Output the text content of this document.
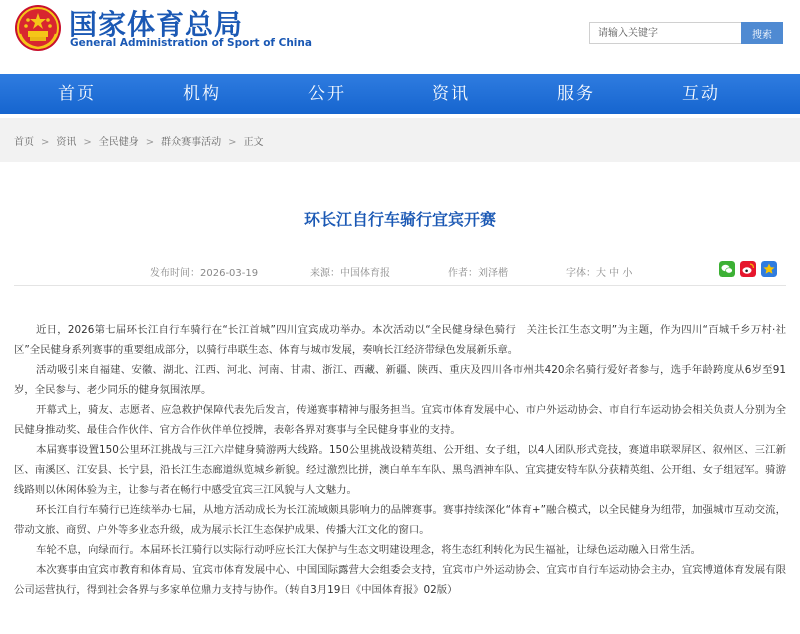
国家体育总局
General Administration of Sport of China
请输入关键字
搜索
首页	机构	公开	资讯	服务	互动
首页 > 资讯 > 全民健身 > 群众赛事活动 > 正文
环长江自行车骑行宜宾开赛
发布时间：2026-03-19	来源：中国体育报	作者：刘泽楷	字体：大 中 小

近日，2026第七届环长江自行车骑行在“长江首城”四川宜宾成功举办。本次活动以“全民健身绿色骑行　关注长江生态文明”为主题，作为四川“百城千乡万村·社区”全民健身系列赛事的重要组成部分，以骑行串联生态、体育与城市发展，奏响长江经济带绿色发展新乐章。

活动吸引来自福建、安徽、湖北、江西、河北、河南、甘肃、浙江、西藏、新疆、陕西、重庆及四川各市州共420余名骑行爱好者参与，选手年龄跨度从6岁至91岁，全民参与、老少同乐的健身氛围浓厚。

开幕式上，骑友、志愿者、应急救护保障代表先后发言，传递赛事精神与服务担当。宜宾市体育发展中心、市户外运动协会、市自行车运动协会相关负责人分别为全民健身推动奖、最佳合作伙伴、官方合作伙伴单位授牌，表彰各界对赛事与全民健身事业的支持。

本届赛事设置150公里环江挑战与三江六岸健身骑游两大线路。150公里挑战设精英组、公开组、女子组，以4人团队形式竞技，赛道串联翠屏区、叙州区、三江新区、南溪区、江安县、长宁县，沿长江生态廊道纵览城乡新貌。经过激烈比拼，澳白单车车队、黑鸟酒神车队、宜宾捷安特车队分获精英组、公开组、女子组冠军。骑游线路则以休闲体验为主，让参与者在畅行中感受宜宾三江风貌与人文魅力。

环长江自行车骑行已连续举办七届，从地方活动成长为长江流域颇具影响力的品牌赛事。赛事持续深化“体育+”融合模式，以全民健身为纽带，加强城市互动交流，带动文旅、商贸、户外等多业态升级，成为展示长江生态保护成果、传播大江文化的窗口。

车轮不息，向绿而行。本届环长江骑行以实际行动呼应长江大保护与生态文明建设理念，将生态红利转化为民生福祉，让绿色运动融入日常生活。

本次赛事由宜宾市教育和体育局、宜宾市体育发展中心、中国国际露营大会组委会支持，宜宾市户外运动协会、宜宾市自行车运动协会主办，宜宾博道体育发展有限公司运营执行，得到社会各界与多家单位鼎力支持与协作。（转自3月19日《中国体育报》02版）
